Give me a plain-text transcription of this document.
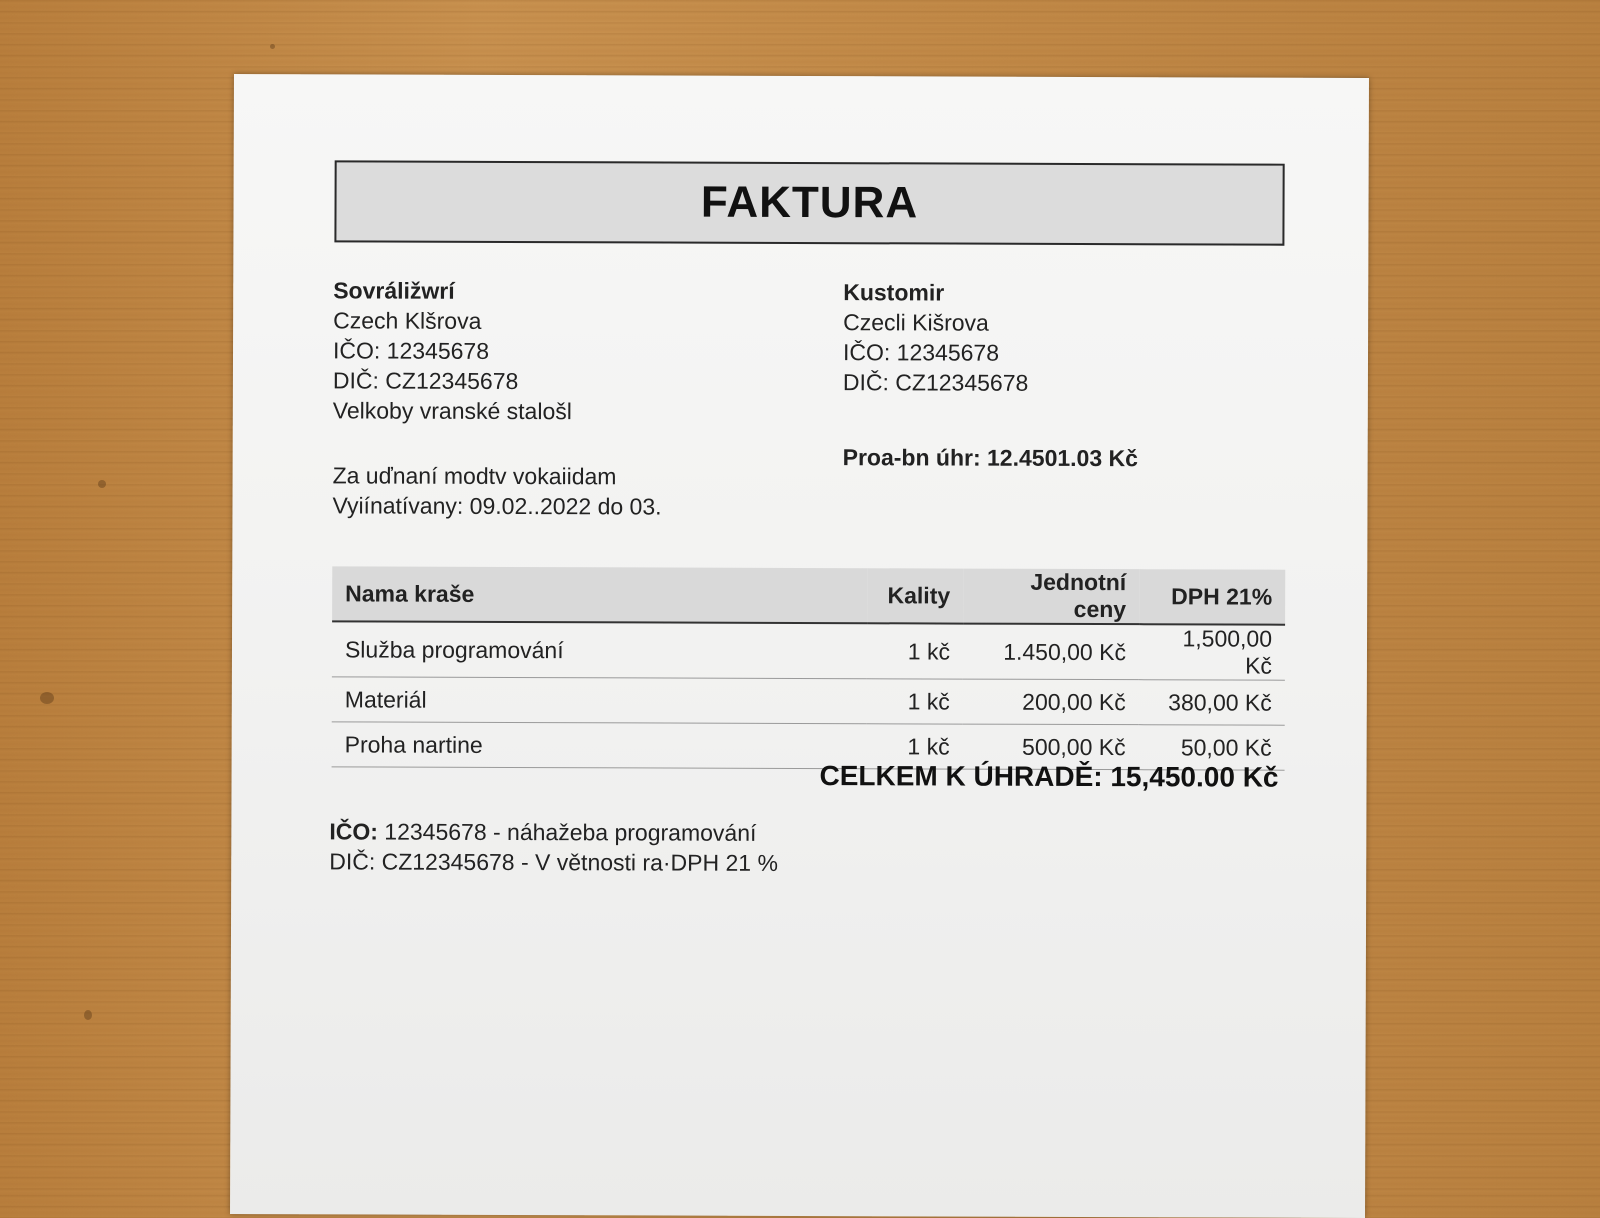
FAKTURA
Sovráližwrí
Czech Klšrova
IČO: 12345678
DIČ: CZ12345678
Velkoby vranské stalošl
Kustomir
Czecli Kišrova
IČO: 12345678
DIČ: CZ12345678
Za uďnaní modtv vokaiidam
Vyiínatívany: 09.02..2022 do 03.
Proa-bn úhr: 12.4501.03 Kč
Nama kraše	Kality	Jednotní ceny	DPH 21%
Služba programování	1 kč	1.450,00 Kč	1,500,00 Kč
Materiál	1 kč	200,00 Kč	380,00 Kč
Proha nartine	1 kč	500,00 Kč	50,00 Kč
CELKEM K ÚHRADĚ: 15,450.00 Kč
IČO: 12345678 - náhažeba programování
DIČ: CZ12345678 - V větnosti ra·DPH 21 %
